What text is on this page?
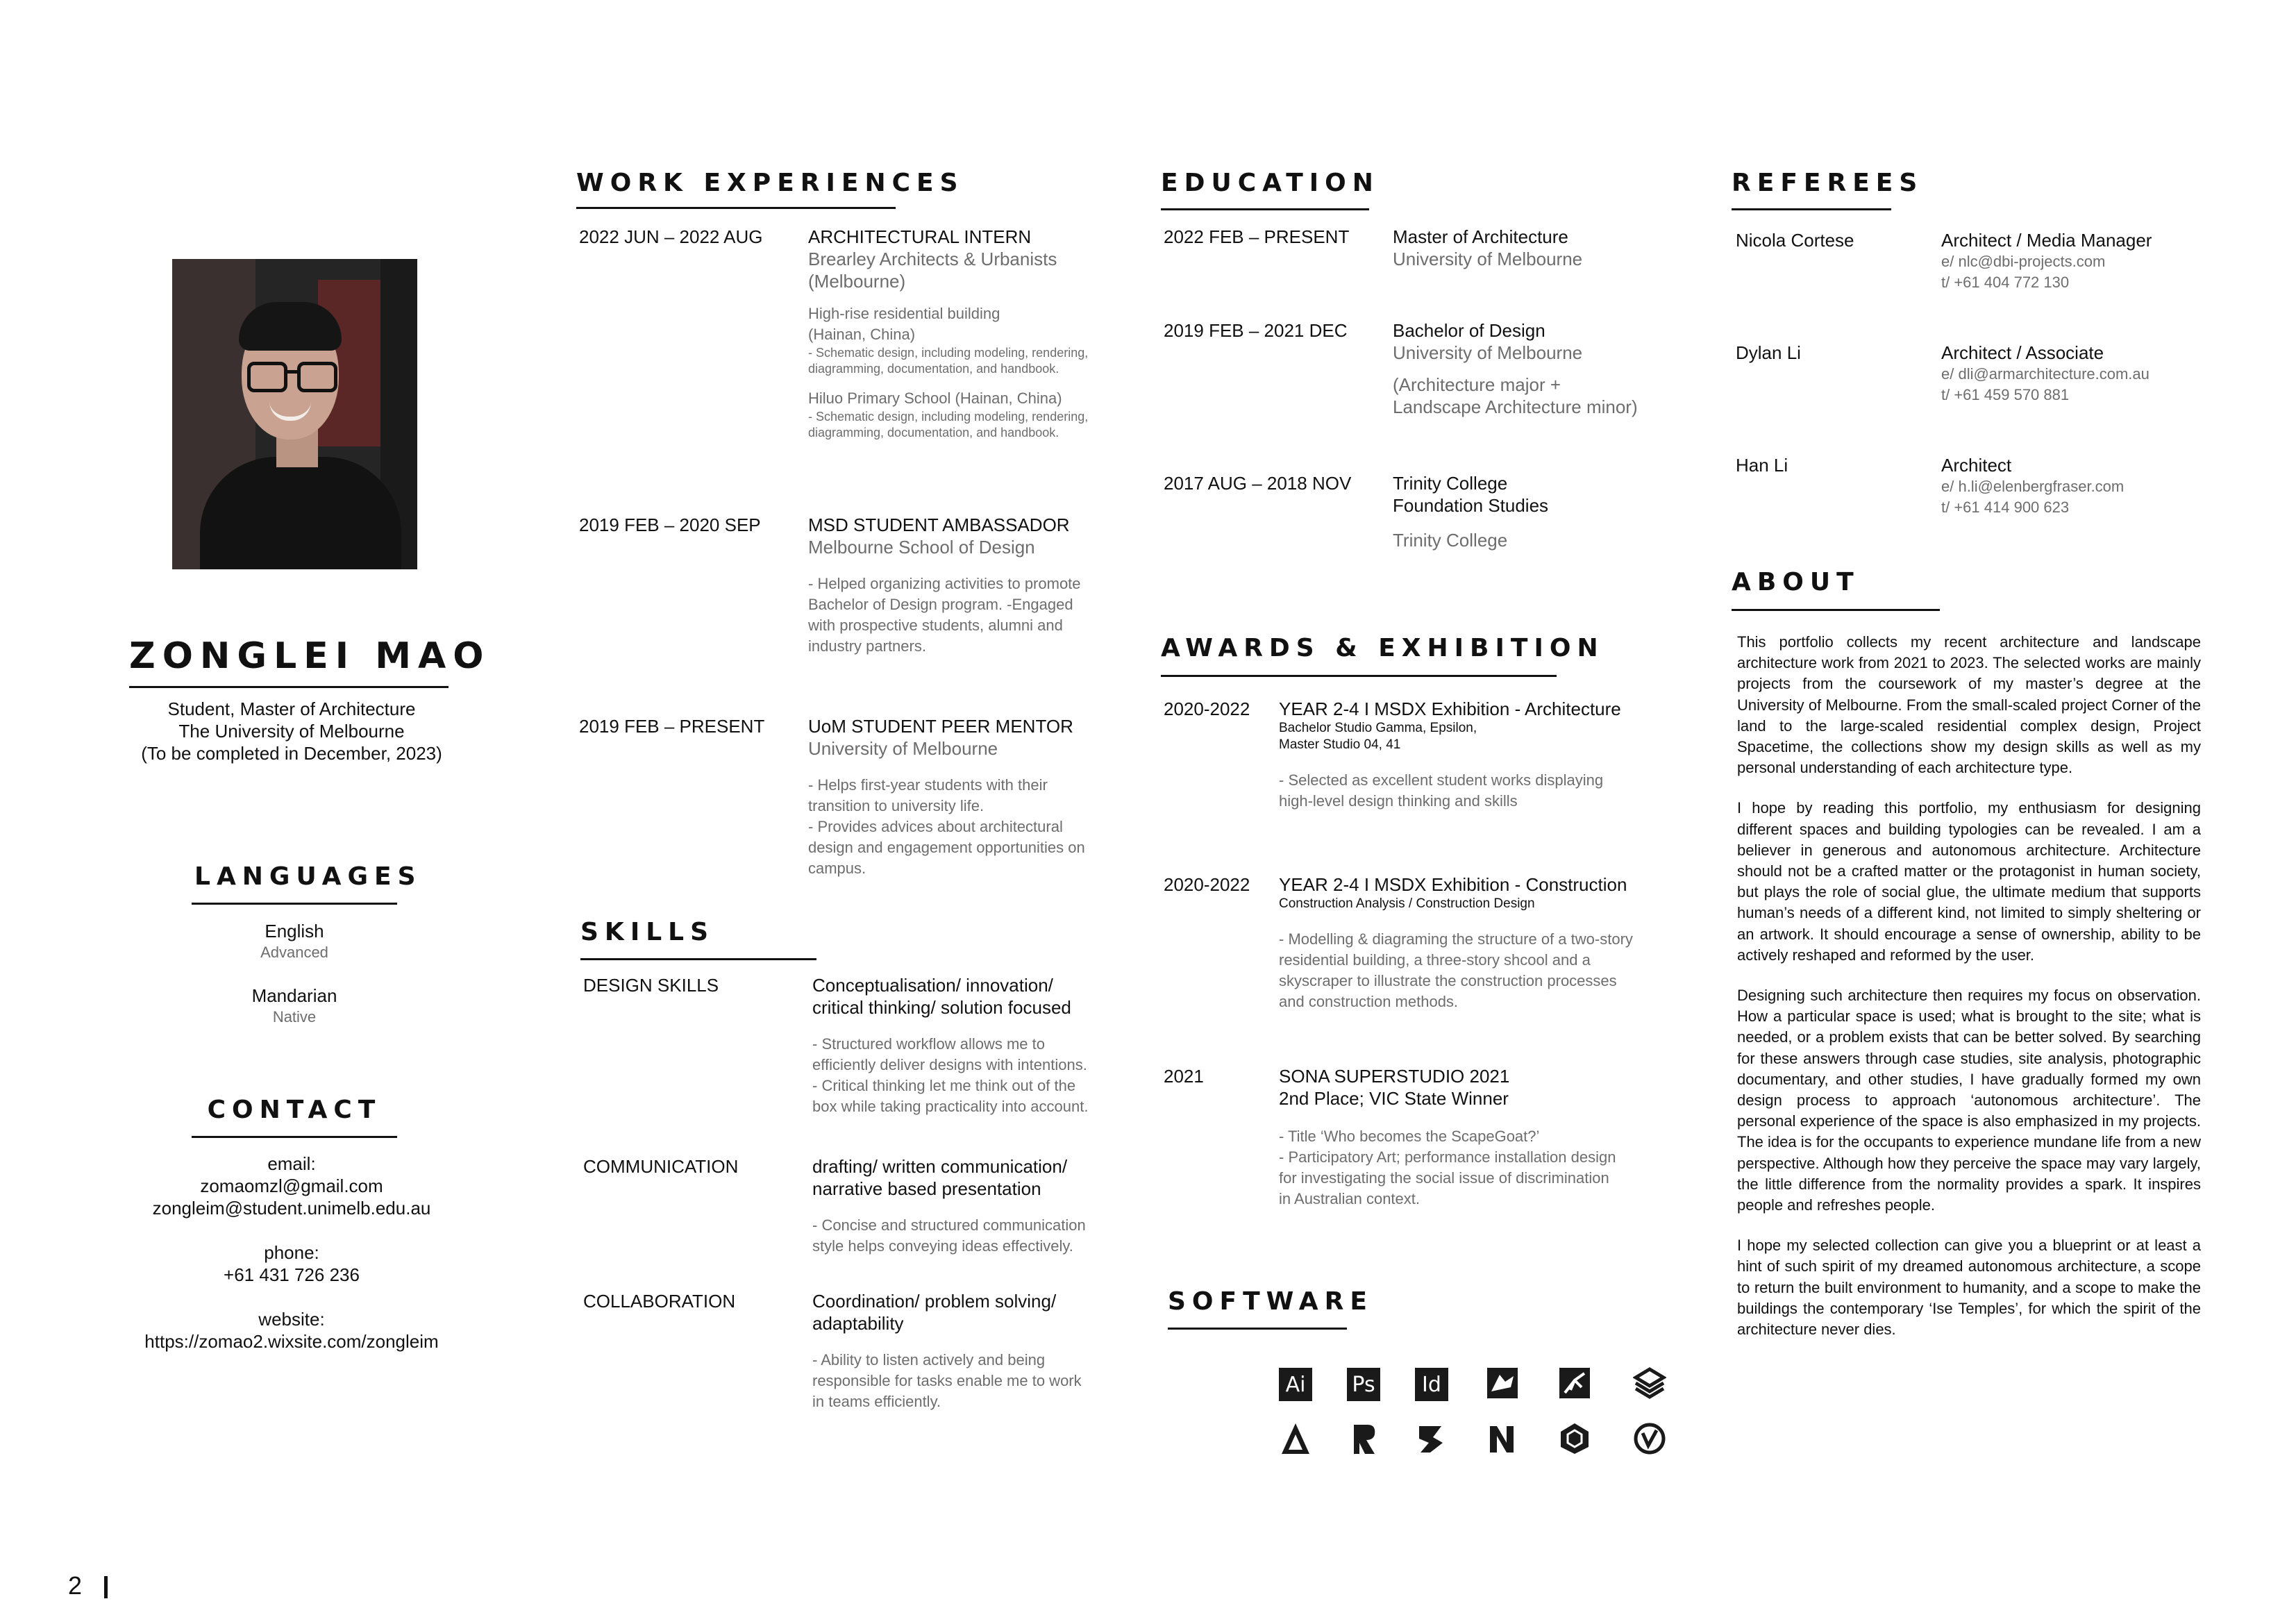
ZONGLEI MAO
Student, Master of Architecture
The University of Melbourne
(To be completed in December, 2023)
LANGUAGES
English
Advanced
Mandarian
Native
CONTACT
email:
zomaomzl@gmail.com
zongleim@student.unimelb.edu.au
phone:
+61 431 726 236
website:
https://zomao2.wixsite.com/zongleim
WORK EXPERIENCES
2022 JUN – 2022 AUG	ARCHITECTURAL INTERN
Brearley Architects & Urbanists
(Melbourne)
High-rise residential building
(Hainan, China)
- Schematic design, including modeling, rendering,
diagramming, documentation, and handbook.
Hiluo Primary School (Hainan, China)
- Schematic design, including modeling, rendering,
diagramming, documentation, and handbook.
2019 FEB – 2020 SEP	MSD STUDENT AMBASSADOR
Melbourne School of Design
- Helped organizing activities to promote
Bachelor of Design program. -Engaged
with prospective students, alumni and
industry partners.
2019 FEB – PRESENT UoM STUDENT PEER MENTOR
University of Melbourne
- Helps first-year students with their
transition to university life.
- Provides advices about architectural
design and engagement opportunities on
campus.
SKILLS
DESIGN SKILLS	Conceptualisation/ innovation/
critical thinking/ solution focused
- Structured workflow allows me to
efficiently deliver designs with intentions.
- Critical thinking let me think out of the
box while taking practicality into account.
COMMUNICATION	drafting/ written communication/
narrative based presentation
- Concise and structured communication
style helps conveying ideas effectively.
COLLABORATION	Coordination/ problem solving/
adaptability
- Ability to listen actively and being
responsible for tasks enable me to work
in teams efficiently.
EDUCATION
2022 FEB – PRESENT Master of Architecture
University of Melbourne
2019 FEB – 2021 DEC	Bachelor of Design
University of Melbourne
(Architecture major +
Landscape Architecture minor)
2017 AUG – 2018 NOV Trinity College
Foundation Studies
Trinity College
AWARDS & EXHIBITION
2020-2022 YEAR 2-4 I MSDX Exhibition - Architecture
Bachelor Studio Gamma, Epsilon,
Master Studio 04, 41
- Selected as excellent student works displaying
high-level design thinking and skills
2020-2022 YEAR 2-4 I MSDX Exhibition - Construction
Construction Analysis / Construction Design
- Modelling & diagraming the structure of a two-story
residential building, a three-story shcool and a
skyscraper to illustrate the construction processes
and construction methods.
2021	SONA SUPERSTUDIO 2021
2nd Place; VIC State Winner
- Title ‘Who becomes the ScapeGoat?’
- Participatory Art; performance installation design
for investigating the social issue of discrimination
in Australian context.
SOFTWARE
Ai	Ps	Id
REFEREES
Nicola Cortese	Architect / Media Manager
e/ nlc@dbi-projects.com
t/ +61 404 772 130
Dylan Li	Architect / Associate
e/ dli@armarchitecture.com.au
t/ +61 459 570 881
Han Li	Architect
e/ h.li@elenbergfraser.com
t/ +61 414 900 623
ABOUT

This portfolio collects my recent architecture and landscape architecture work from 2021 to 2023. The selected works are mainly projects from the coursework of my master’s degree at the University of Melbourne. From the small-scaled project Corner of the land to the large-scaled residential complex design, Project Spacetime, the collections show my design skills as well as my personal understanding of each architecture type.

I hope by reading this portfolio, my enthusiasm for designing different spaces and building typologies can be revealed. I am a believer in generous and autonomous architecture. Architecture should not be a crafted matter or the protagonist in human society, but plays the role of social glue, the ultimate medium that supports human’s needs of a different kind, not limited to simply sheltering or an artwork. It should encourage a sense of ownership, ability to be actively reshaped and reformed by the user.

Designing such architecture then requires my focus on observation. How a particular space is used; what is brought to the site; what is needed, or a problem exists that can be better solved. By searching for these answers through case studies, site analysis, photographic documentary, and other studies, I have gradually formed my own design process to approach ‘autonomous architecture’. The personal experience of the space is also emphasized in my projects. The idea is for the occupants to experience mundane life from a new perspective. Although how they perceive the space may vary largely, the little difference from the normality provides a spark. It inspires people and refreshes people.

I hope my selected collection can give you a blueprint or at least a hint of such spirit of my dreamed autonomous architecture, a scope to return the built environment to humanity, and a scope to make the buildings the contemporary ‘Ise Temples’, for which the spirit of the architecture never dies.

2
